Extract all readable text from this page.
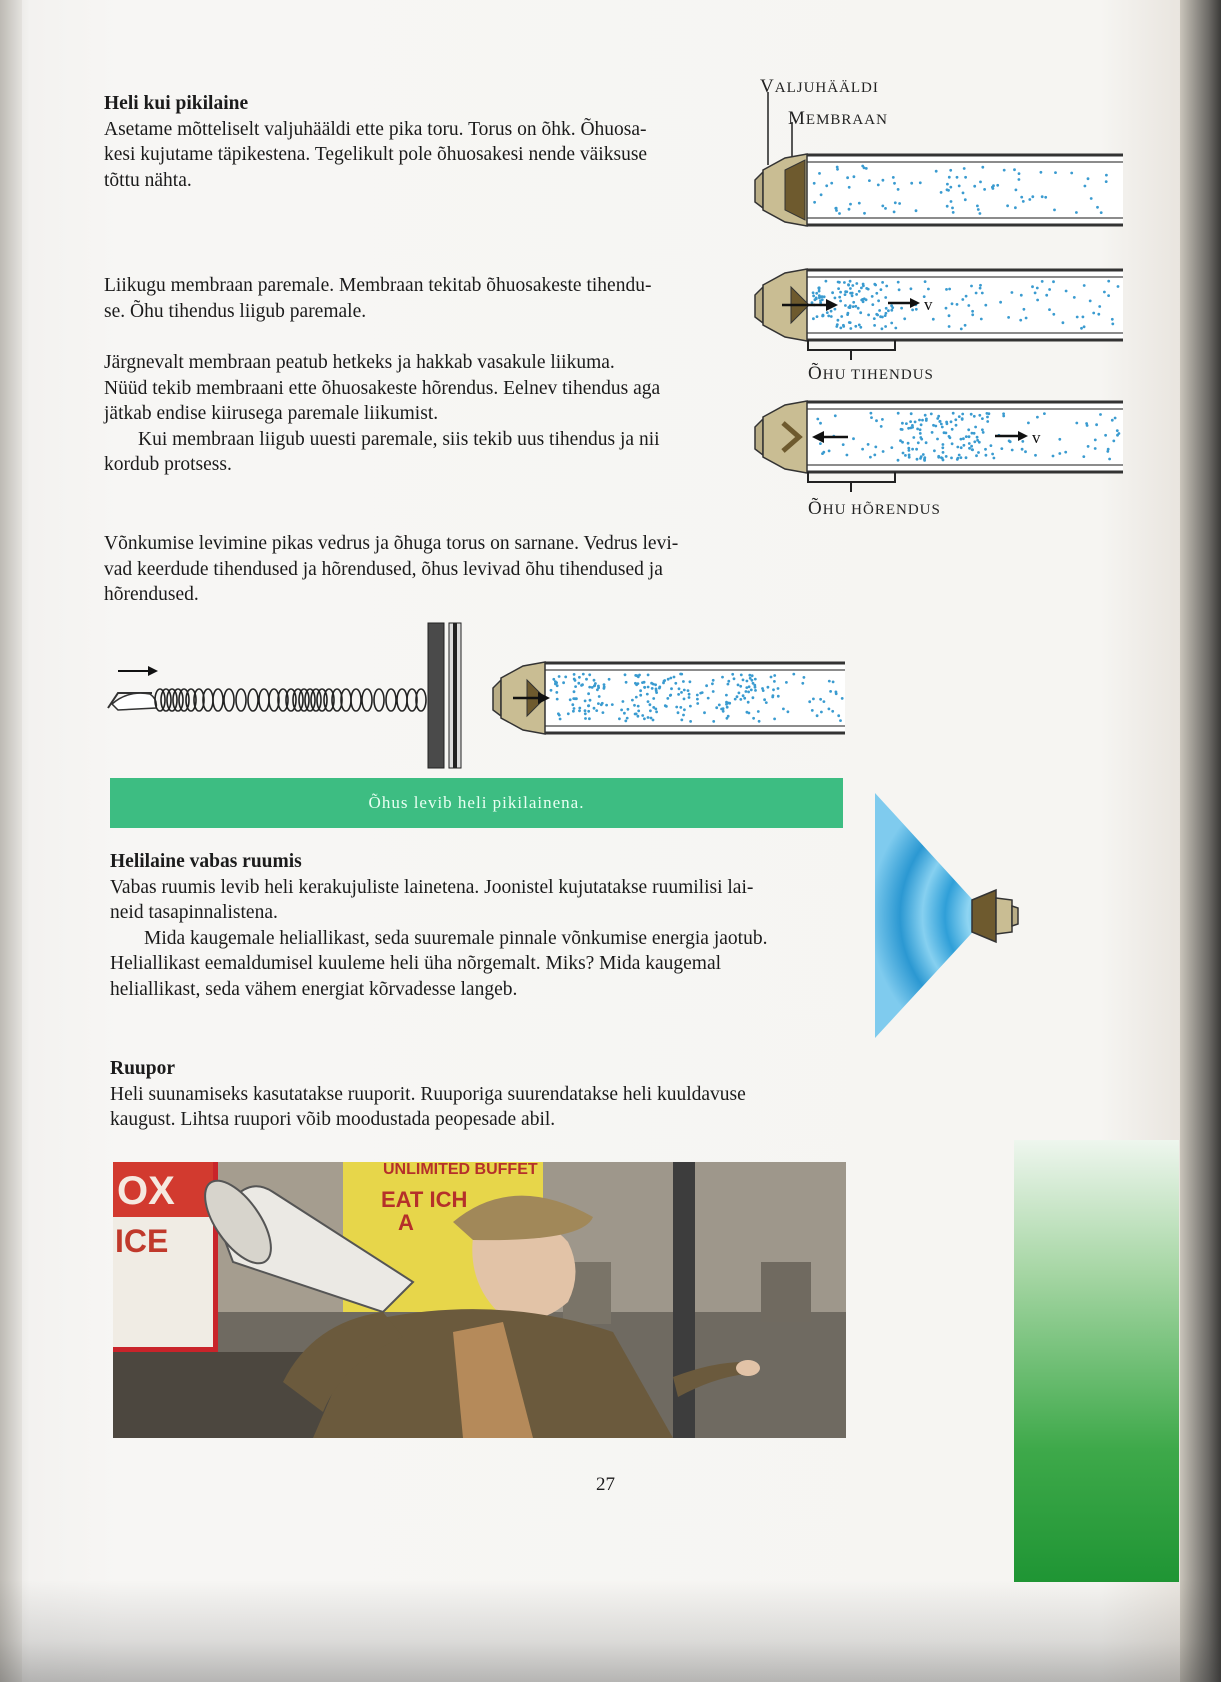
Heli kui pikilaine

Asetame mõtteliselt valjuhääldi ette pika toru. Torus on õhk. Õhuosa-

kesi kujutame täpikestena. Tegelikult pole õhuosakesi nende väiksuse

tõttu nähta.

Liikugu membraan paremale. Membraan tekitab õhuosakeste tihendu-

se. Õhu tihendus liigub paremale.

Järgnevalt membraan peatub hetkeks ja hakkab vasakule liikuma.

Nüüd tekib membraani ette õhuosakeste hõrendus. Eelnev tihendus aga

jätkab endise kiirusega paremale liikumist.

Kui membraan liigub uuesti paremale, siis tekib uus tihendus ja nii

kordub protsess.

Võnkumise levimine pikas vedrus ja õhuga torus on sarnane. Vedrus levi-

vad keerdude tihendused ja hõrendused, õhus levivad õhu tihendused ja

hõrendused.

VALJUHÄÄLDI
MEMBRAAN
ÕHU TIHENDUS
ÕHU HÕRENDUS
v
v
Õhus levib heli pikilainena.

Helilaine vabas ruumis

Vabas ruumis levib heli kerakujuliste lainetena. Joonistel kujutatakse ruumilisi lai-

neid tasapinnalistena.

Mida kaugemale heliallikast, seda suuremale pinnale võnkumise energia jaotub.

Heliallikast eemaldumisel kuuleme heli üha nõrgemalt. Miks? Mida kaugemal

heliallikast, seda vähem energiat kõrvadesse langeb.

Ruupor

Heli suunamiseks kasutatakse ruuporit. Ruuporiga suurendatakse heli kuuldavuse

kaugust. Lihtsa ruupori võib moodustada peopesade abil.

OX
ICE
UNLIMITED BUFFET
EAT ICH
A
27
